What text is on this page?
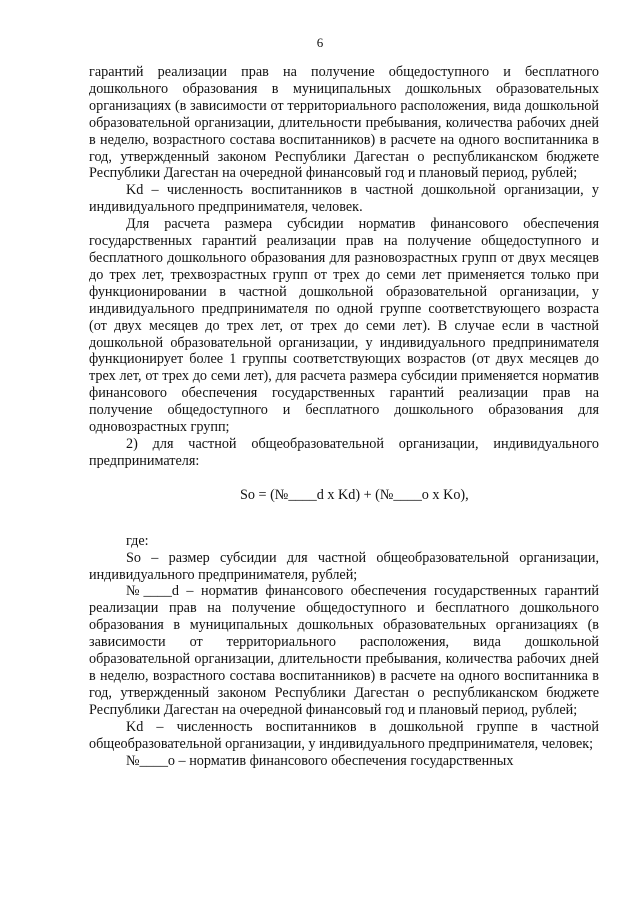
6

гарантий реализации прав на получение общедоступного и бесплатного дошкольного образования в муниципальных дошкольных образовательных организациях (в зависимости от территориального расположения, вида дошкольной образовательной организации, длительности пребывания, количества рабочих дней в неделю, возрастного состава воспитанников) в расчете на одного воспитанника в год, утвержденный законом Республики Дагестан о республиканском бюджете Республики Дагестан на очередной финансовый год и плановый период, рублей;

Kd – численность воспитанников в частной дошкольной организации, у индивидуального предпринимателя, человек.

Для расчета размера субсидии норматив финансового обеспечения государственных гарантий реализации прав на получение общедоступного и бесплатного дошкольного образования для разновозрастных групп от двух месяцев до трех лет, трехвозрастных групп от трех до семи лет применяется только при функционировании в частной дошкольной образовательной организации, у индивидуального предпринимателя по одной группе соответствующего возраста (от двух месяцев до трех лет, от трех до семи лет). В случае если в частной дошкольной образовательной организации, у индивидуального предпринимателя функционирует более 1 группы соответствующих возрастов (от двух месяцев до трех лет, от трех до семи лет), для расчета размера субсидии применяется норматив финансового обеспечения государственных гарантий реализации прав на получение общедоступного и бесплатного дошкольного образования для одновозрастных групп;

2) для частной общеобразовательной организации, индивидуального предпринимателя:

So = (№____d x Kd) + (№____o x Ko),

где:

So – размер субсидии для частной общеобразовательной организации, индивидуального предпринимателя, рублей;

№____d – норматив финансового обеспечения государственных гарантий реализации прав на получение общедоступного и бесплатного дошкольного образования в муниципальных дошкольных образовательных организациях (в зависимости от территориального расположения, вида дошкольной образовательной организации, длительности пребывания, количества рабочих дней в неделю, возрастного состава воспитанников) в расчете на одного воспитанника в год, утвержденный законом Республики Дагестан о республиканском бюджете Республики Дагестан на очередной финансовый год и плановый период, рублей;

Kd – численность воспитанников в дошкольной группе в частной общеобразовательной организации, у индивидуального предпринимателя, человек;

№____o – норматив финансового обеспечения государственных
